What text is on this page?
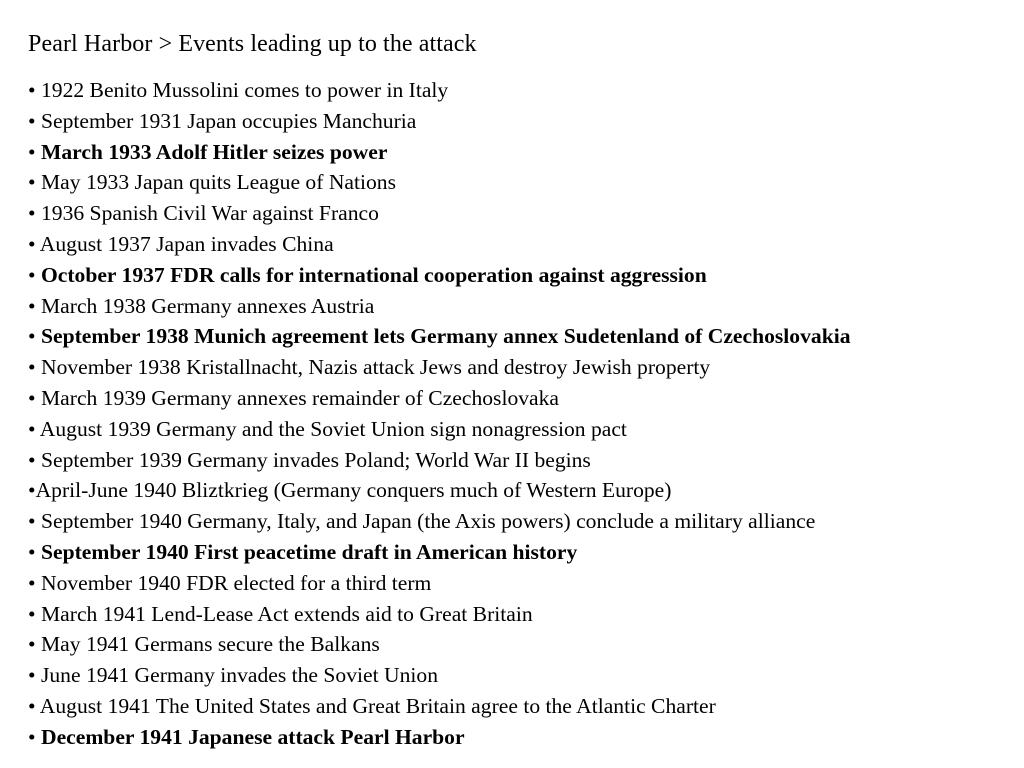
Pearl Harbor > Events leading up to the attack
• 1922 Benito Mussolini comes to power in Italy
• September 1931 Japan occupies Manchuria
• March 1933 Adolf Hitler seizes power
• May 1933 Japan quits League of Nations
• 1936 Spanish Civil War against Franco
• August 1937 Japan invades China
• October 1937 FDR calls for international cooperation against aggression
• March 1938 Germany annexes Austria
• September 1938 Munich agreement lets Germany annex Sudetenland of Czechoslovakia
• November 1938 Kristallnacht, Nazis attack Jews and destroy Jewish property
• March 1939 Germany annexes remainder of Czechoslovaka
• August 1939 Germany and the Soviet Union sign nonagression pact
• September 1939 Germany invades Poland; World War II begins
•April-June 1940 Bliztkrieg (Germany conquers much of Western Europe)
• September 1940 Germany, Italy, and Japan (the Axis powers) conclude a military alliance
• September 1940 First peacetime draft in American history
• November 1940 FDR elected for a third term
• March 1941 Lend-Lease Act extends aid to Great Britain
• May 1941 Germans secure the Balkans
• June 1941 Germany invades the Soviet Union
• August 1941 The United States and Great Britain agree to the Atlantic Charter
• December 1941 Japanese attack Pearl Harbor
